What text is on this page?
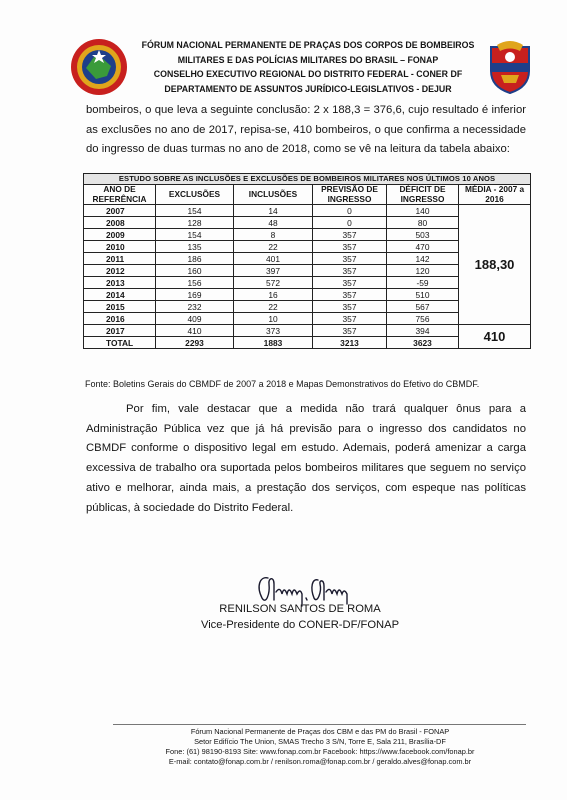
FÓRUM NACIONAL PERMANENTE DE PRAÇAS DOS CORPOS DE BOMBEIROS
MILITARES E DAS POLÍCIAS MILITARES DO BRASIL – FONAP
CONSELHO EXECUTIVO REGIONAL DO DISTRITO FEDERAL - CONER DF
DEPARTAMENTO DE ASSUNTOS JURÍDICO-LEGISLATIVOS - DEJUR
bombeiros, o que leva a seguinte conclusão: 2 x 188,3 = 376,6, cujo resultado é inferior as exclusões no ano de 2017, repisa-se, 410 bombeiros, o que confirma a necessidade do ingresso de duas turmas no ano de 2018, como se vê na leitura da tabela abaixo:
ESTUDO SOBRE AS INCLUSÕES E EXCLUSÕES DE BOMBEIROS MILITARES NOS ÚLTIMOS 10 ANOS					
ANO DE REFERÊNCIA	EXCLUSÕES	INCLUSÕES	PREVISÃO DE INGRESSO	DÉFICIT DE INGRESSO	MÉDIA - 2007 a 2016
2007	154	14	0	140	188,30
2008	128	48	0	80	
2009	154	8	357	503	
2010	135	22	357	470	
2011	186	401	357	142	
2012	160	397	357	120	
2013	156	572	357	-59	
2014	169	16	357	510	
2015	232	22	357	567	
2016	409	10	357	756	
2017	410	373	357	394	410
TOTAL	2293	1883	3213	3623	
Fonte: Boletins Gerais do CBMDF de 2007 a 2018 e Mapas Demonstrativos do Efetivo do CBMDF.
Por fim, vale destacar que a medida não trará qualquer ônus para a Administração Pública vez que já há previsão para o ingresso dos candidatos no CBMDF conforme o dispositivo legal em estudo. Ademais, poderá amenizar a carga excessiva de trabalho ora suportada pelos bombeiros militares que seguem no serviço ativo e melhorar, ainda mais, a prestação dos serviços, com espeque nas políticas públicas, à sociedade do Distrito Federal.
RENILSON SANTOS DE ROMA
Vice-Presidente do CONER-DF/FONAP
Fórum Nacional Permanente de Praças dos CBM e das PM do Brasil - FONAP
Setor Edifício The Union, SMAS Trecho 3 S/N, Torre E, Sala 211, Brasília-DF
Fone: (61) 98190-8193 Site: www.fonap.com.br Facebook: https://www.facebook.com/fonap.br
E-mail: contato@fonap.com.br / renilson.roma@fonap.com.br / geraldo.alves@fonap.com.br
